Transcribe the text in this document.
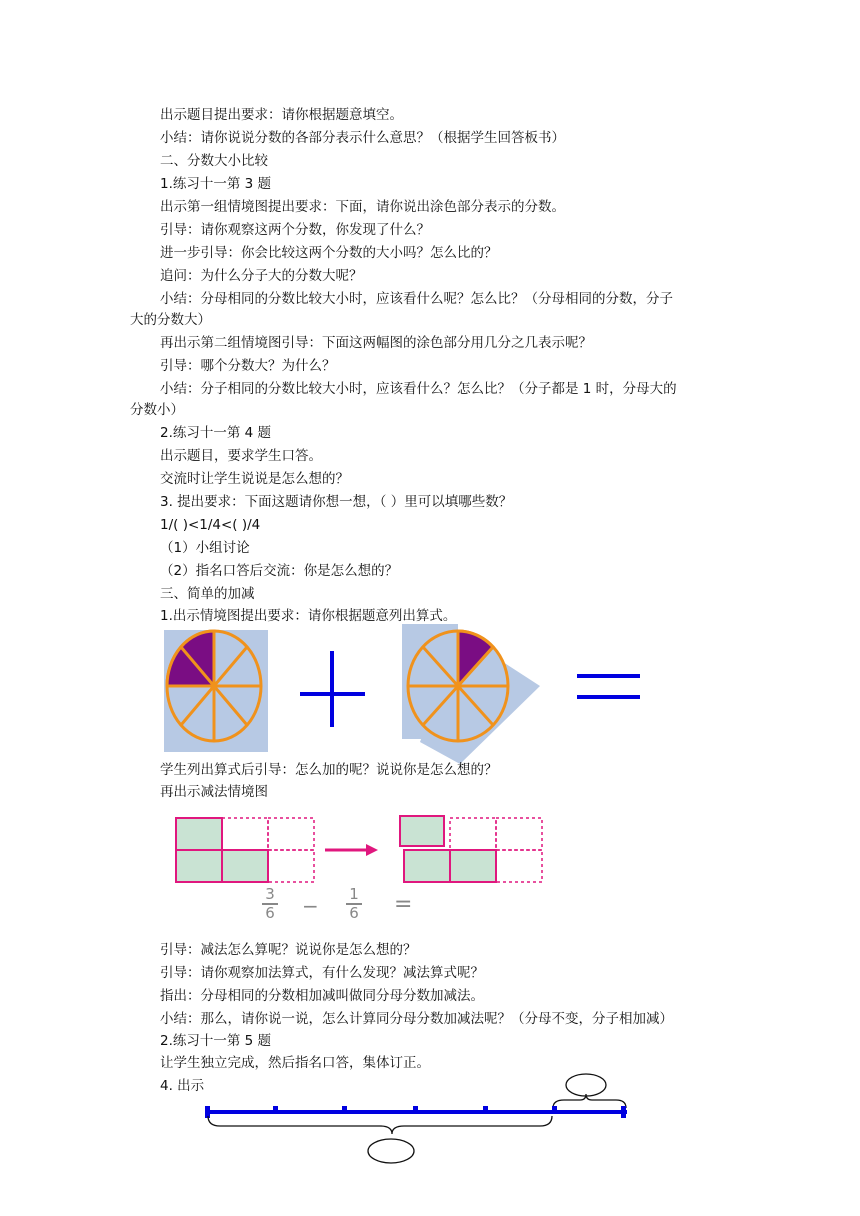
出示题目提出要求：请你根据题意填空。
小结：请你说说分数的各部分表示什么意思？（根据学生回答板书）
二、分数大小比较
1.练习十一第 3 题
出示第一组情境图提出要求：下面，请你说出涂色部分表示的分数。
引导：请你观察这两个分数，你发现了什么？
进一步引导：你会比较这两个分数的大小吗？怎么比的？
追问：为什么分子大的分数大呢？
小结：分母相同的分数比较大小时，应该看什么呢？怎么比？（分母相同的分数，分子
大的分数大）
再出示第二组情境图引导：下面这两幅图的涂色部分用几分之几表示呢？
引导：哪个分数大？为什么？
小结：分子相同的分数比较大小时，应该看什么？怎么比？（分子都是 1 时，分母大的
分数小）
2.练习十一第 4 题
出示题目，要求学生口答。
交流时让学生说说是怎么想的？
3. 提出要求：下面这题请你想一想，（ ）里可以填哪些数？
1/( )<1/4<( )/4
（1）小组讨论
（2）指名口答后交流：你是怎么想的？
三、简单的加减
1.出示情境图提出要求：请你根据题意列出算式。
学生列出算式后引导：怎么加的呢？说说你是怎么想的？
再出示减法情境图
3
6 −	1
6 =
引导：减法怎么算呢？说说你是怎么想的？
引导：请你观察加法算式，有什么发现？减法算式呢？
指出：分母相同的分数相加减叫做同分母分数加减法。
小结：那么，请你说一说，怎么计算同分母分数加减法呢？（分母不变，分子相加减）
2.练习十一第 5 题
让学生独立完成，然后指名口答，集体订正。
4. 出示
